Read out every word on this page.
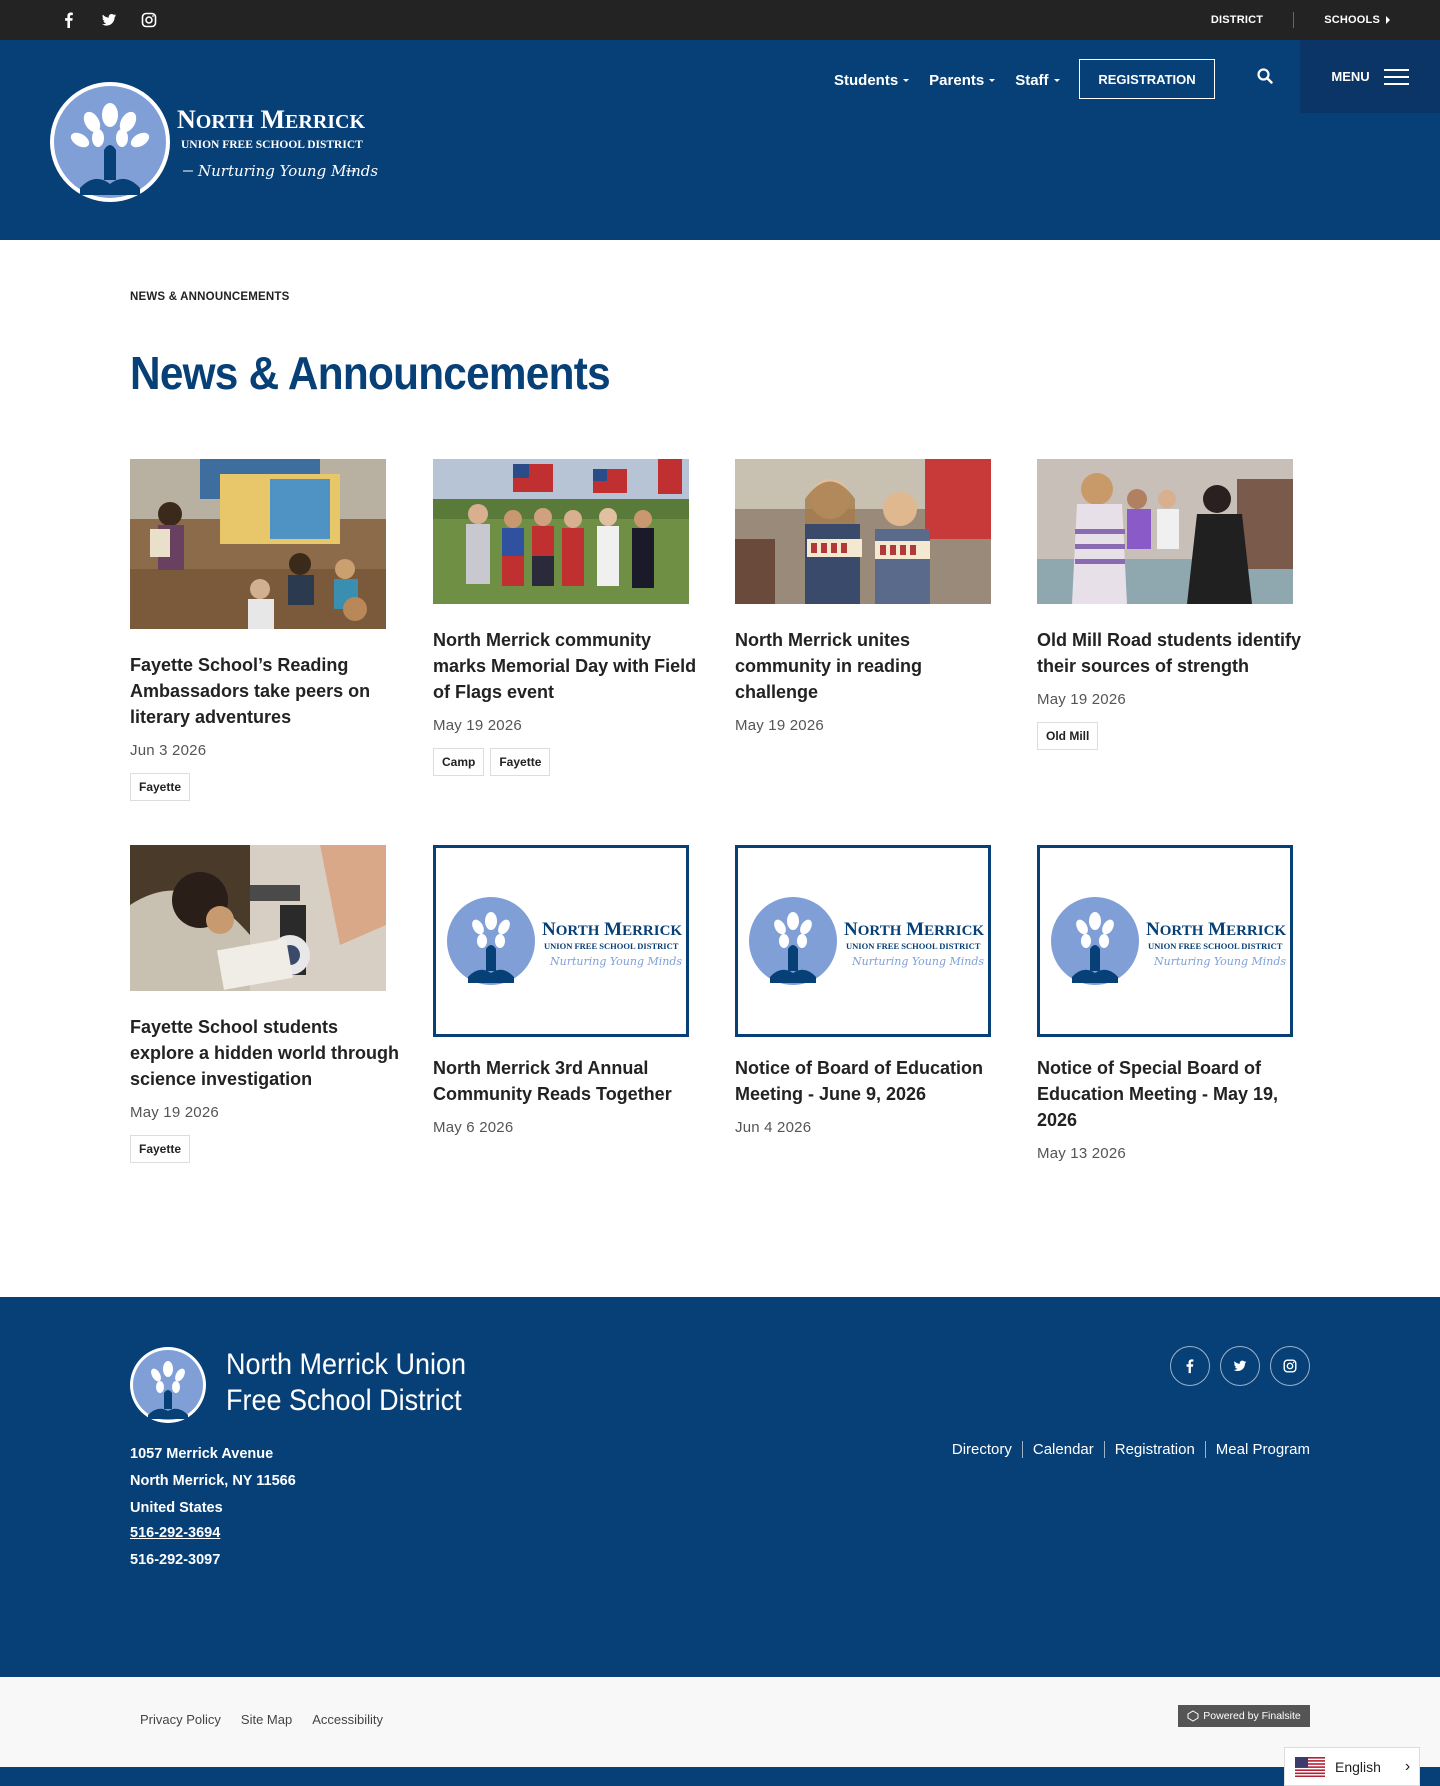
DISTRICT	SCHOOLS
NORTH MERRICK
UNION FREE SCHOOL DISTRICT
Nurturing Young Minds
Students	Parents	Staff	REGISTRATION	MENU
NEWS & ANNOUNCEMENTS
News & Announcements
Fayette School’s Reading Ambassadors take peers on literary adventures
Jun 3 2026
Fayette
North Merrick community marks Memorial Day with Field of Flags event
May 19 2026
Camp	Fayette
North Merrick unites community in reading challenge
May 19 2026
Old Mill Road students identify their sources of strength
May 19 2026
Old Mill
Fayette School students explore a hidden world through science investigation
May 19 2026
Fayette
NORTH MERRICK
UNION FREE SCHOOL DISTRICT
Nurturing Young Minds
North Merrick 3rd Annual Community Reads Together
May 6 2026
NORTH MERRICK
UNION FREE SCHOOL DISTRICT
Nurturing Young Minds
Notice of Board of Education Meeting - June 9, 2026
Jun 4 2026
NORTH MERRICK
UNION FREE SCHOOL DISTRICT
Nurturing Young Minds
Notice of Special Board of Education Meeting - May 19, 2026
May 13 2026
North Merrick Union Free School District
1057 Merrick Avenue
North Merrick, NY 11566
United States
516-292-3694
516-292-3097
Directory	Calendar	Registration	Meal Program
Privacy Policy Site Map Accessibility	Powered by Finalsite
English ›
